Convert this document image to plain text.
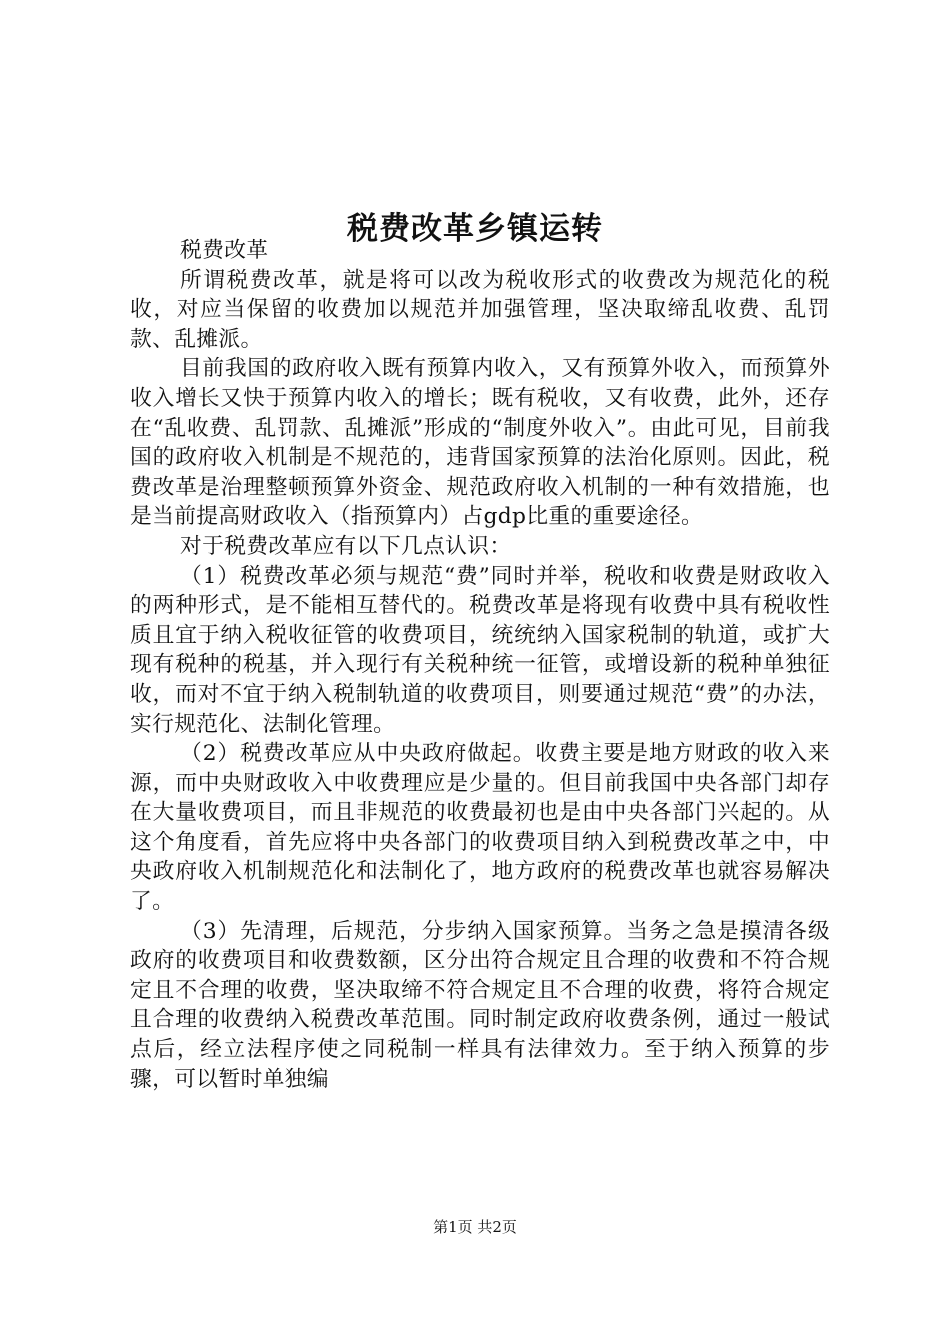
税费改革乡镇运转

税费改革

所谓税费改革，就是将可以改为税收形式的收费改为规范化的税收，对应当保留的收费加以规范并加强管理，坚决取缔乱收费、乱罚款、乱摊派。

目前我国的政府收入既有预算内收入，又有预算外收入，而预算外收入增长又快于预算内收入的增长；既有税收，又有收费，此外，还存在“乱收费、乱罚款、乱摊派”形成的“制度外收入”。由此可见，目前我国的政府收入机制是不规范的，违背国家预算的法治化原则。因此，税费改革是治理整顿预算外资金、规范政府收入机制的一种有效措施，也是当前提高财政收入（指预算内）占gdp比重的重要途径。

对于税费改革应有以下几点认识：

（1）税费改革必须与规范“费”同时并举，税收和收费是财政收入的两种形式，是不能相互替代的。税费改革是将现有收费中具有税收性质且宜于纳入税收征管的收费项目，统统纳入国家税制的轨道，或扩大现有税种的税基，并入现行有关税种统一征管，或增设新的税种单独征收，而对不宜于纳入税制轨道的收费项目，则要通过规范“费”的办法，实行规范化、法制化管理。

（2）税费改革应从中央政府做起。收费主要是地方财政的收入来源，而中央财政收入中收费理应是少量的。但目前我国中央各部门却存在大量收费项目，而且非规范的收费最初也是由中央各部门兴起的。从这个角度看，首先应将中央各部门的收费项目纳入到税费改革之中，中央政府收入机制规范化和法制化了，地方政府的税费改革也就容易解决了。

（3）先清理，后规范，分步纳入国家预算。当务之急是摸清各级政府的收费项目和收费数额，区分出符合规定且合理的收费和不符合规定且不合理的收费，坚决取缔不符合规定且不合理的收费，将符合规定且合理的收费纳入税费改革范围。同时制定政府收费条例，通过一般试点后，经立法程序使之同税制一样具有法律效力。至于纳入预算的步骤，可以暂时单独编

第1页 共2页
